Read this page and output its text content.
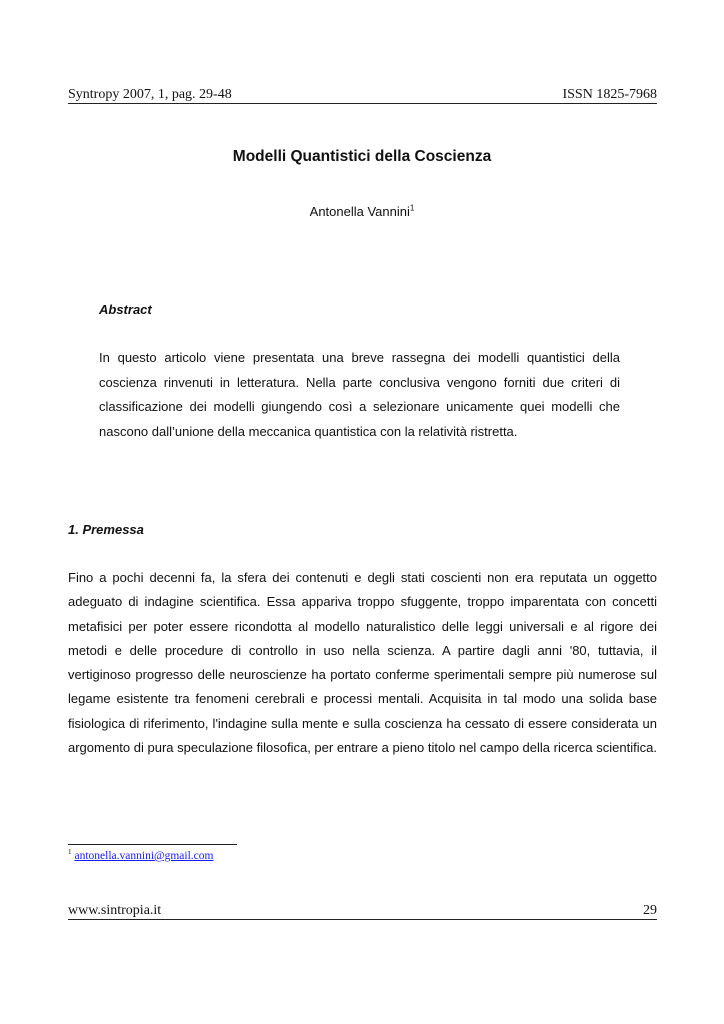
Syntropy 2007, 1, pag. 29-48	ISSN 1825-7968
Modelli Quantistici della Coscienza
Antonella Vannini$^1$
Abstract
In questo articolo viene presentata una breve rassegna dei modelli quantistici della coscienza rinvenuti in letteratura. Nella parte conclusiva vengono forniti due criteri di classificazione dei modelli giungendo così a selezionare unicamente quei modelli che nascono dall’unione della meccanica quantistica con la relatività ristretta.
1. Premessa
Fino a pochi decenni fa, la sfera dei contenuti e degli stati coscienti non era reputata un oggetto adeguato di indagine scientifica. Essa appariva troppo sfuggente, troppo imparentata con concetti metafisici per poter essere ricondotta al modello naturalistico delle leggi universali e al rigore dei metodi e delle procedure di controllo in uso nella scienza. A partire dagli anni '80, tuttavia, il vertiginoso progresso delle neuroscienze ha portato conferme sperimentali sempre più numerose sul legame esistente tra fenomeni cerebrali e processi mentali. Acquisita in tal modo una solida base fisiologica di riferimento, l'indagine sulla mente e sulla coscienza ha cessato di essere considerata un argomento di pura speculazione filosofica, per entrare a pieno titolo nel campo della ricerca scientifica.
$^1$ antonella.vannini@gmail.com
www.sintropia.it	29
